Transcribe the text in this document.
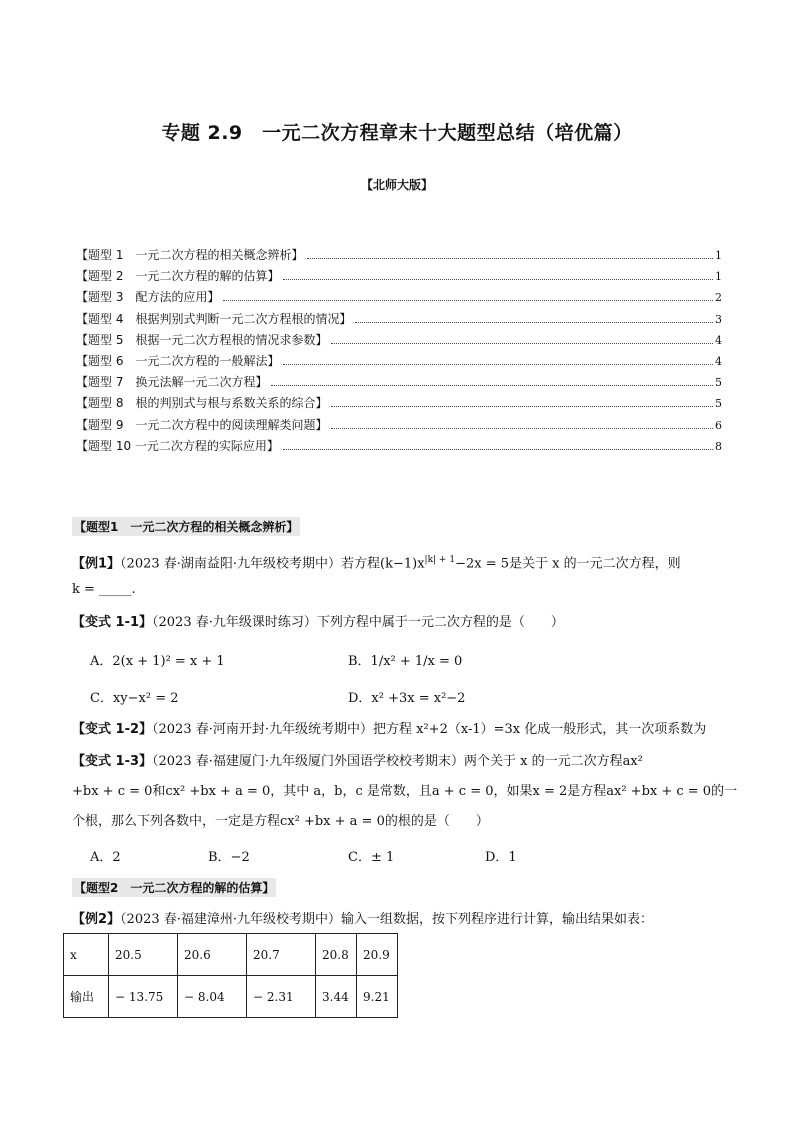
专题 2.9　一元二次方程章末十大题型总结（培优篇）
【北师大版】
【题型 1　一元二次方程的相关概念辨析】	1
【题型 2　一元二次方程的解的估算】	1
【题型 3　配方法的应用】	2
【题型 4　根据判别式判断一元二次方程根的情况】	3
【题型 5　根据一元二次方程根的情况求参数】	4
【题型 6　一元二次方程的一般解法】	4
【题型 7　换元法解一元二次方程】	5
【题型 8　根的判别式与根与系数关系的综合】	5
【题型 9　一元二次方程中的阅读理解类问题】	6
【题型 10 一元二次方程的实际应用】	8
【题型1　一元二次方程的相关概念辨析】
【例1】（2023 春·湖南益阳·九年级校考期中）若方程$(k-1)x^{|k| + 1}-2x = 5$是关于 x 的一元二次方程，则
k = _____.
【变式 1-1】（2023 春·九年级课时练习）下列方程中属于一元二次方程的是（　　）
A．2(x + 1)² = x + 1	B．1/x² + 1/x = 0
C．xy−x² = 2	D．x² +3x = x²−2
【变式 1-2】（2023 春·河南开封·九年级统考期中）把方程 x²+2（x-1）=3x 化成一般形式，其一次项系数为
【变式 1-3】（2023 春·福建厦门·九年级厦门外国语学校校考期末）两个关于 x 的一元二次方程ax²
+bx + c = 0和cx² +bx + a = 0，其中 a，b，c 是常数，且a + c = 0，如果x = 2是方程ax² +bx + c = 0的一
个根，那么下列各数中，一定是方程cx² +bx + a = 0的根的是（　　）
A．2	B．−2	C．± 1	D．1
【题型2　一元二次方程的解的估算】
【例2】（2023 春·福建漳州·九年级校考期中）输入一组数据，按下列程序进行计算，输出结果如表：
x	20.5	20.6	20.7	20.8	20.9
输出	− 13.75	− 8.04	− 2.31	3.44	9.21
